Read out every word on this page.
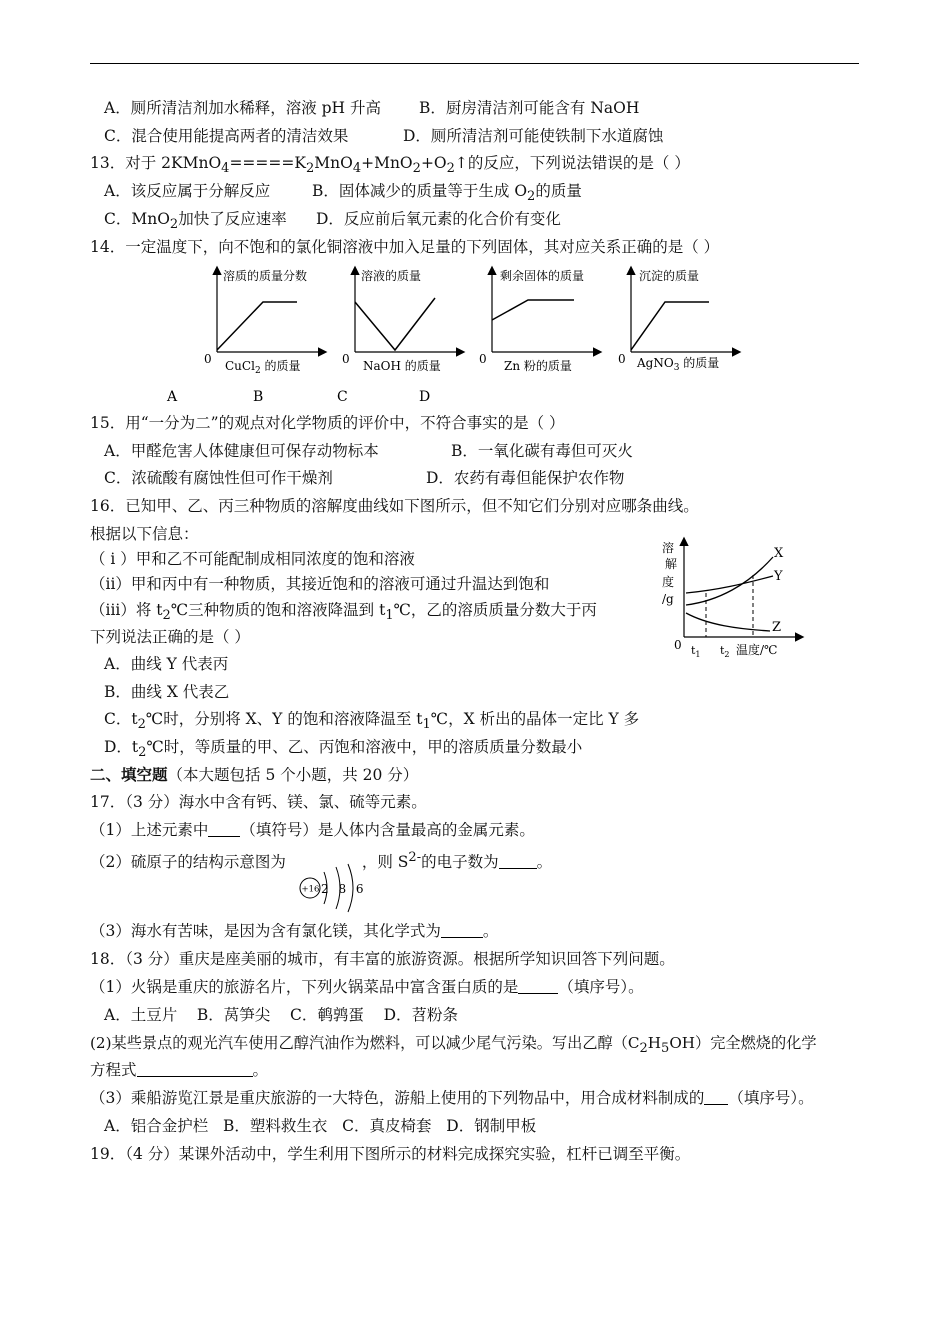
A．厕所清洁剂加水稀释，溶液 pH 升高 B．厨房清洁剂可能含有 NaOH
C．混合使用能提高两者的清洁效果	D．厕所清洁剂可能使铁制下水道腐蚀
13．对于 $2KMnO_4=====K_2MnO_4+MnO_2+O_2↑$的反应，下列说法错误的是（ ）
A．该反应属于分解反应	B．固体减少的质量等于生成 $O_2$的质量
C．MnO$_2$加快了反应速率 D．反应前后氧元素的化合价有变化
14．一定温度下，向不饱和的氯化铜溶液中加入足量的下列固体，其对应关系正确的是（ ）
溶质的质量分数
0 CuCl$_2$ 的质量
A
溶液的质量
0 NaOH 的质量
B
剩余固体的质量
0 Zn 粉的质量
C
沉淀的质量
0 AgNO$_3$ 的质量
D
15．用“一分为二”的观点对化学物质的评价中，不符合事实的是（ ）
A．甲醛危害人体健康但可保存动物标本	B．一氧化碳有毒但可灭火
C．浓硫酸有腐蚀性但可作干燥剂	D．农药有毒但能保护农作物
16．已知甲、乙、丙三种物质的溶解度曲线如下图所示，但不知它们分别对应哪条曲线。
根据以下信息：
（ i ）甲和乙不可能配制成相同浓度的饱和溶液
（ii）甲和丙中有一种物质，其接近饱和的溶液可通过升温达到饱和
（iii）将 $t_2℃$三种物质的饱和溶液降温到 $t_1℃$，乙的溶质质量分数大于丙
下列说法正确的是（ ）
A．曲线 Y 代表丙
B．曲线 X 代表乙
C．$t_2℃$时，分别将 X、Y 的饱和溶液降温至 $t_1℃$，X 析出的晶体一定比 Y 多
D．$t_2℃$时，等质量的甲、乙、丙饱和溶液中，甲的溶质质量分数最小
溶
解
度
/g
X
Y
Z
0 $t_1$ $t_2$ 温度/℃
二、填空题（本大题包括 5 个小题，共 20 分）
17．（3 分）海水中含有钙、镁、氯、硫等元素。
（1）上述元素中 （填符号）是人体内含量最高的金属元素。
（2）硫原子的结构示意图为	，则 $S^{2-}$的电子数为 。
+16 2 8 6
（3）海水有苦味，是因为含有氯化镁，其化学式为	。
18．（3 分）重庆是座美丽的城市，有丰富的旅游资源。根据所学知识回答下列问题。
（1）火锅是重庆的旅游名片，下列火锅菜品中富含蛋白质的是	（填序号）。
A．土豆片    B．莴笋尖    C．鹌鹑蛋    D．苕粉条
(2)某些景点的观光汽车使用乙醇汽油作为燃料，可以减少尾气污染。写出乙醇$(C_2H_5OH)$完全燃烧的化学
方程式	。
（3）乘船游览江景是重庆旅游的一大特色，游船上使用的下列物品中，用合成材料制成的 （填序号）。
A．铝合金护栏   B．塑料救生衣   C．真皮椅套   D．钢制甲板
19．（4 分）某课外活动中，学生利用下图所示的材料完成探究实验，杠杆已调至平衡。
